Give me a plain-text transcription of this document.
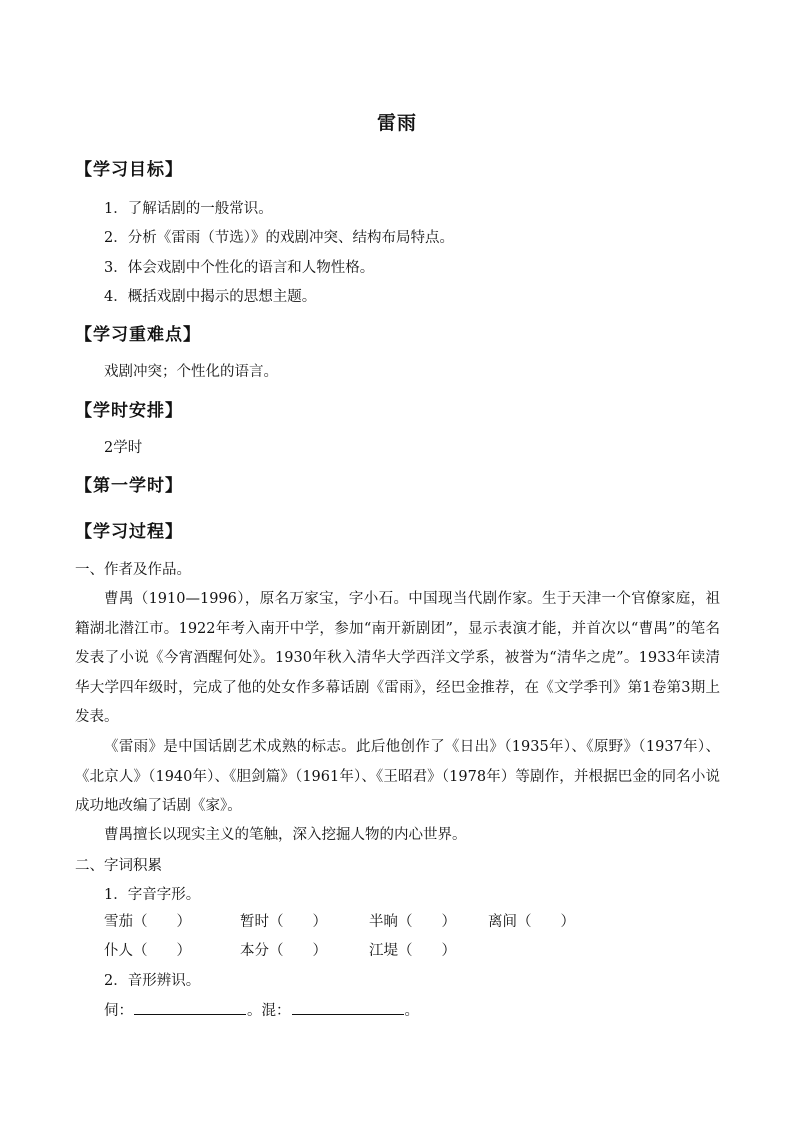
雷雨
【学习目标】
1．了解话剧的一般常识。
2．分析《雷雨（节选）》的戏剧冲突、结构布局特点。
3．体会戏剧中个性化的语言和人物性格。
4．概括戏剧中揭示的思想主题。
【学习重难点】
戏剧冲突；个性化的语言。
【学时安排】
2学时
【第一学时】
【学习过程】
一、作者及作品。
曹禺（1910—1996），原名万家宝，字小石。中国现当代剧作家。生于天津一个官僚家庭，祖籍湖北潜江市。1922年考入南开中学，参加“南开新剧团”，显示表演才能，并首次以“曹禺”的笔名发表了小说《今宵酒醒何处》。1930年秋入清华大学西洋文学系，被誉为“清华之虎”。1933年读清华大学四年级时，完成了他的处女作多幕话剧《雷雨》，经巴金推荐，在《文学季刊》第1卷第3期上发表。
《雷雨》是中国话剧艺术成熟的标志。此后他创作了《日出》（1935年）、《原野》（1937年）、《北京人》（1940年）、《胆剑篇》（1961年）、《王昭君》（1978年）等剧作，并根据巴金的同名小说成功地改编了话剧《家》。
曹禺擅长以现实主义的笔触，深入挖掘人物的内心世界。
二、字词积累
1．字音字形。
雪茄（　　）	暂时（　　）	半晌（　　） 离间（　　）
仆人（　　）	本分（　　）	江堤（　　）
2．音形辨识。
伺：	。混：	。
